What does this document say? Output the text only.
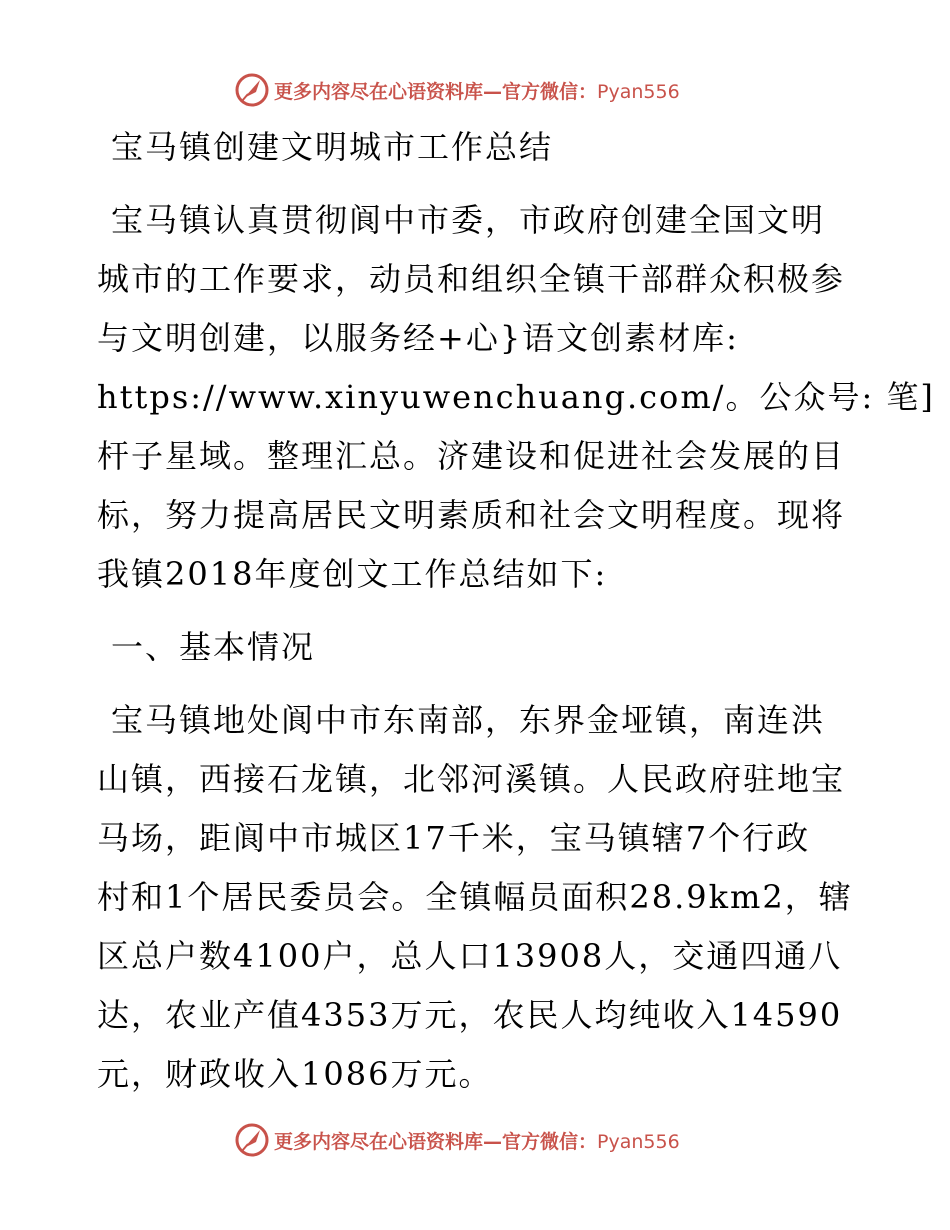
更多内容尽在心语资料库—官方微信：Pyan556
宝马镇创建文明城市工作总结
宝马镇认真贯彻阆中市委，市政府创建全国文明
城市的工作要求，动员和组织全镇干部群众积极参
与文明创建，以服务经+心}语文创素材库:
https://www.xinyuwenchuang.com/。公众号: 笔]
杆子星域。整理汇总。济建设和促进社会发展的目
标，努力提高居民文明素质和社会文明程度。现将
我镇2018年度创文工作总结如下:
一、基本情况
宝马镇地处阆中市东南部，东界金垭镇，南连洪
山镇，西接石龙镇，北邻河溪镇。人民政府驻地宝
马场，距阆中市城区17千米，宝马镇辖7个行政
村和1个居民委员会。全镇幅员面积28.9km2，辖
区总户数4100户，总人口13908人，交通四通八
达，农业产值4353万元，农民人均纯收入14590
元，财政收入1086万元。
更多内容尽在心语资料库—官方微信：Pyan556
